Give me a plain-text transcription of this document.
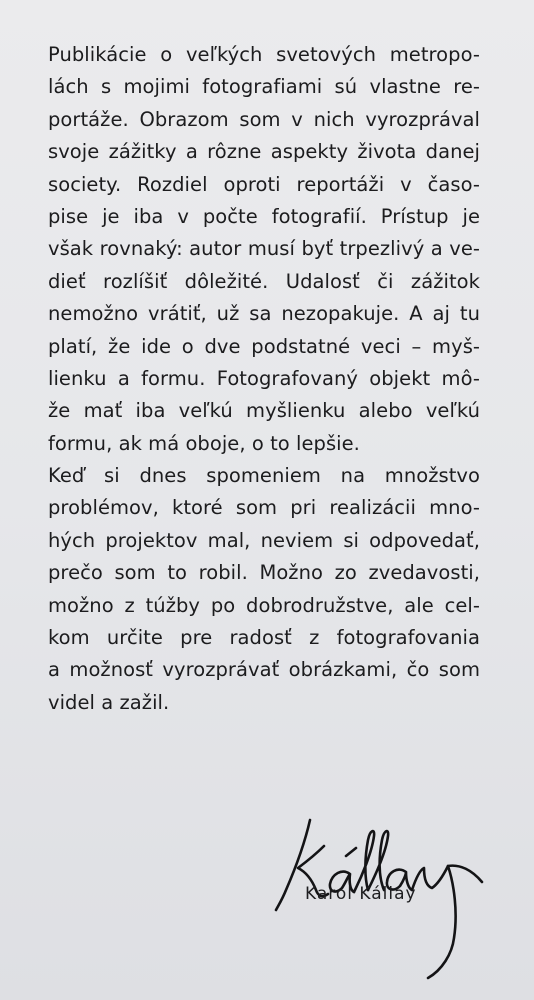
Publikácie o veľkých svetových metropo-
lách s mojimi fotografiami sú vlastne re-
portáže. Obrazom som v nich vyrozprával
svoje zážitky a rôzne aspekty života danej
society. Rozdiel oproti reportáži v časo-
pise je iba v počte fotografií. Prístup je
však rovnaký: autor musí byť trpezlivý a ve-
dieť rozlíšiť dôležité. Udalosť či zážitok
nemožno vrátiť, už sa nezopakuje. A aj tu
platí, že ide o dve podstatné veci – myš-
lienku a formu. Fotografovaný objekt mô-
že mať iba veľkú myšlienku alebo veľkú
formu, ak má oboje, o to lepšie.
Keď si dnes spomeniem na množstvo
problémov, ktoré som pri realizácii mno-
hých projektov mal, neviem si odpovedať,
prečo som to robil. Možno zo zvedavosti,
možno z túžby po dobrodružstve, ale cel-
kom určite pre radosť z fotografovania
a možnosť vyrozprávať obrázkami, čo som
videl a zažil.
Karol Kállay
